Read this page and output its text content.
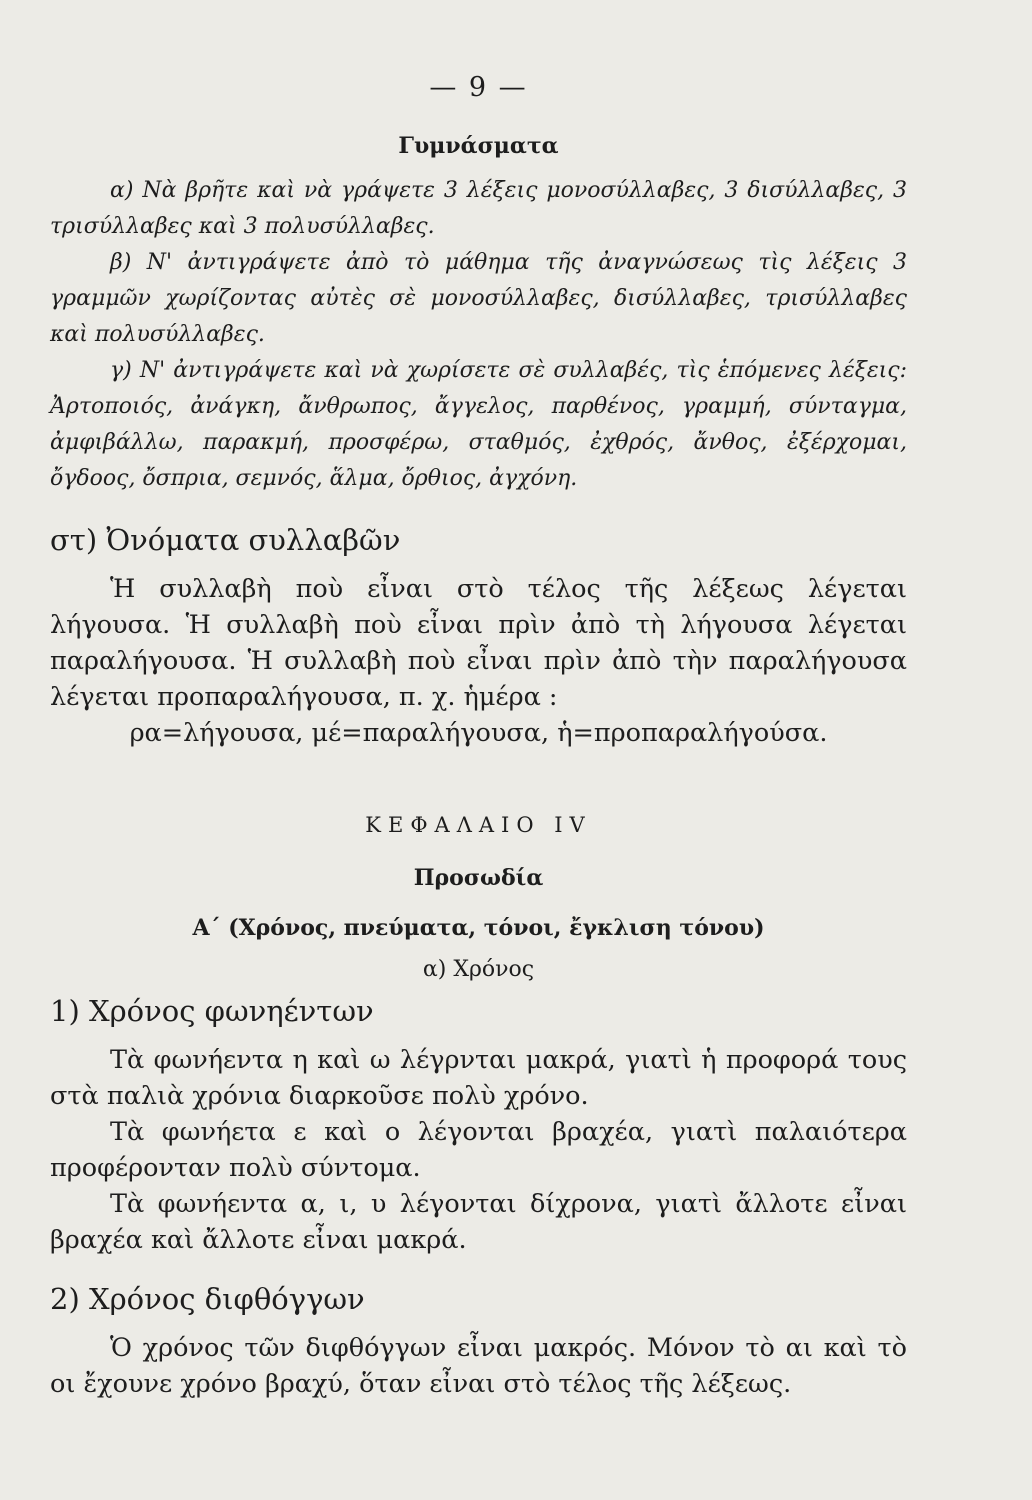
— 9 —
Γυμνάσματα

α) Νὰ βρῆτε καὶ νὰ γράψετε 3 λέξεις μονοσύλλαβες, 3 δισύλλαβες, 3 τρισύλλαβες καὶ 3 πολυσύλλαβες.

β) Ν' ἀντιγράψετε ἀπὸ τὸ μάθημα τῆς ἀναγνώσεως τὶς λέξεις 3 γραμμῶν χωρίζοντας αὐτὲς σὲ μονοσύλλαβες, δισύλλαβες, τρισύλλαβες καὶ πολυσύλλαβες.

γ) Ν' ἀντιγράψετε καὶ νὰ χωρίσετε σὲ συλλαβές, τὶς ἑπόμενες λέξεις: Ἀρτοποιός, ἀνάγκη, ἄνθρωπος, ἄγγελος, παρθένος, γραμμή, σύνταγμα, ἀμφιβάλλω, παρακμή, προσφέρω, σταθμός, ἐχθρός, ἄνθος, ἐξέρχομαι, ὄγδοος, ὄσπρια, σεμνός, ἅλμα, ὄρθιος, ἀγχόνη.

στ) Ὀνόματα συλλαβῶν

Ἡ συλλαβὴ ποὺ εἶναι στὸ τέλος τῆς λέξεως λέγεται λήγουσα. Ἡ συλλαβὴ ποὺ εἶναι πρὶν ἀπὸ τὴ λήγουσα λέγεται παραλήγουσα. Ἡ συλλαβὴ ποὺ εἶναι πρὶν ἀπὸ τὴν παραλήγουσα λέγεται προπαραλήγουσα, π. χ. ἡμέρα :

ρα=λήγουσα, μέ=παραλήγουσα, ἡ=προπαραλήγούσα.

ΚΕΦΑΛΑΙΟ IV
Προσωδία
Α΄ (Χρόνος, πνεύματα, τόνοι, ἔγκλιση τόνου)
α) Χρόνος
1) Χρόνος φωνηέντων

Τὰ φωνήεντα η καὶ ω λέγρνται μακρά, γιατὶ ἡ προφορά τους στὰ παλιὰ χρόνια διαρκοῦσε πολὺ χρόνο.

Τὰ φωνήετα ε καὶ ο λέγονται βραχέα, γιατὶ παλαιότερα προφέρονταν πολὺ σύντομα.

Τὰ φωνήεντα α, ι, υ λέγονται δίχρονα, γιατὶ ἄλλοτε εἶναι βραχέα καὶ ἄλλοτε εἶναι μακρά.

2) Χρόνος διφθόγγων

Ὁ χρόνος τῶν διφθόγγων εἶναι μακρός. Μόνον τὸ αι καὶ τὸ οι ἔχουνε χρόνο βραχύ, ὅταν εἶναι στὸ τέλος τῆς λέξεως.
